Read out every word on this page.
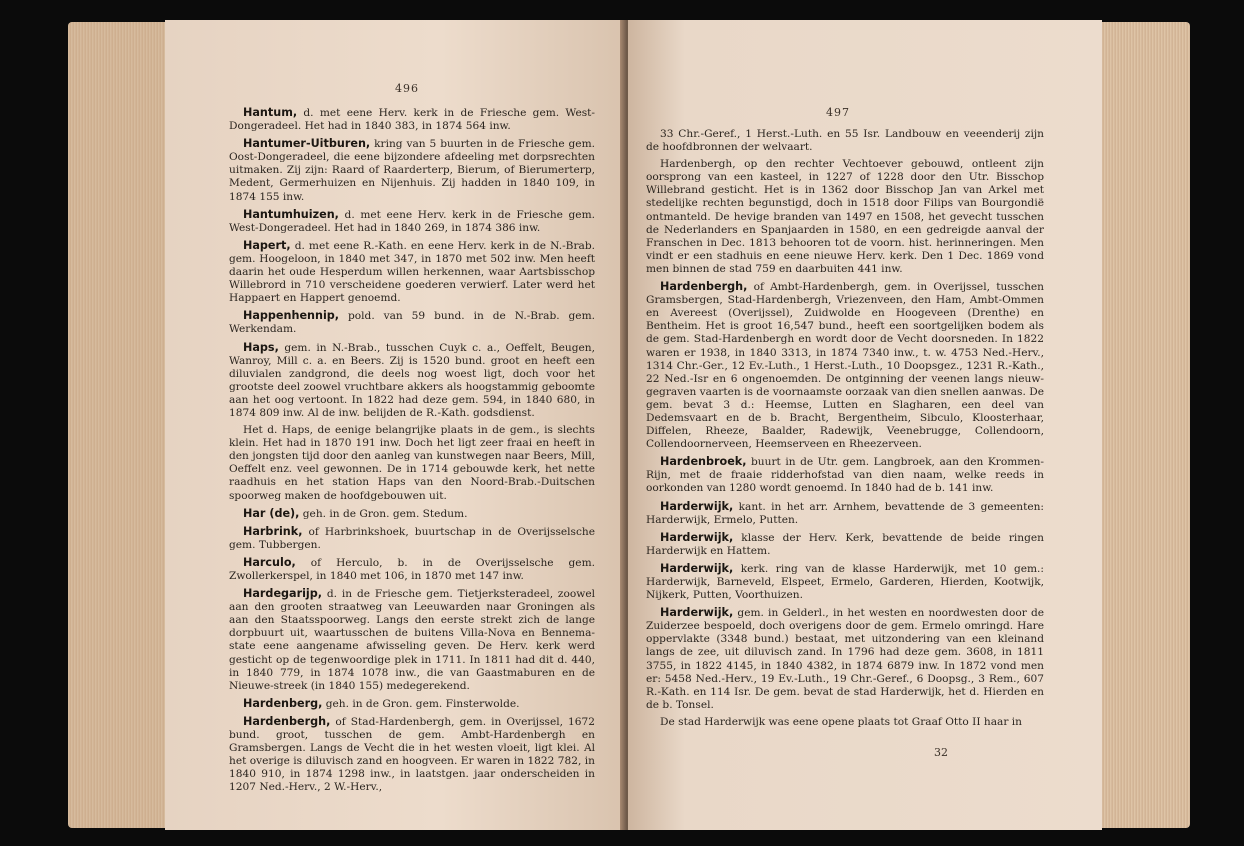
496

Hantum, d. met eene Herv. kerk in de Friesche gem. West-Dongeradeel. Het had in 1840 383, in 1874 564 inw.

Hantumer-Uitburen, kring van 5 buurten in de Friesche gem. Oost-Dongeradeel, die eene bijzondere afdeeling met dorpsrechten uitmaken. Zij zijn: Raard of Raarderterp, Bierum, of Bierumerterp, Medent, Germerhuizen en Nijenhuis. Zij hadden in 1840 109, in 1874 155 inw.

Hantumhuizen, d. met eene Herv. kerk in de Friesche gem. West-Dongeradeel. Het had in 1840 269, in 1874 386 inw.

Hapert, d. met eene R.-Kath. en eene Herv. kerk in de N.-Brab. gem. Hoogeloon, in 1840 met 347, in 1870 met 502 inw. Men heeft daarin het oude Hesperdum willen herkennen, waar Aartsbisschop Willebrord in 710 verscheidene goederen verwierf. Later werd het Happaert en Happert genoemd.

Happenhennip, pold. van 59 bund. in de N.-Brab. gem. Werkendam.

Haps, gem. in N.-Brab., tusschen Cuyk c. a., Oeffelt, Beugen, Wanroy, Mill c. a. en Beers. Zij is 1520 bund. groot en heeft een diluvialen zandgrond, die deels nog woest ligt, doch voor het grootste deel zoowel vruchtbare akkers als hoogstammig geboomte aan het oog vertoont. In 1822 had deze gem. 594, in 1840 680, in 1874 809 inw. Al de inw. belijden de R.-Kath. godsdienst.

Het d. Haps, de eenige belangrijke plaats in de gem., is slechts klein. Het had in 1870 191 inw. Doch het ligt zeer fraai en heeft in den jongsten tijd door den aanleg van kunstwegen naar Beers, Mill, Oeffelt enz. veel gewonnen. De in 1714 gebouwde kerk, het nette raadhuis en het station Haps van den Noord-Brab.-Duitschen spoorweg maken de hoofdgebouwen uit.

Har (de), geh. in de Gron. gem. Stedum.

Harbrink, of Harbrinkshoek, buurtschap in de Overijsselsche gem. Tubbergen.

Harculo, of Herculo, b. in de Overijsselsche gem. Zwollerkerspel, in 1840 met 106, in 1870 met 147 inw.

Hardegarijp, d. in de Friesche gem. Tietjerksteradeel, zoowel aan den grooten straatweg van Leeuwarden naar Groningen als aan den Staatsspoorweg. Langs den eerste strekt zich de lange dorpbuurt uit, waartusschen de buitens Villa-Nova en Bennema-state eene aangename afwisseling geven. De Herv. kerk werd gesticht op de tegenwoordige plek in 1711. In 1811 had dit d. 440, in 1840 779, in 1874 1078 inw., die van Gaastmaburen en de Nieuwe-streek (in 1840 155) medegerekend.

Hardenberg, geh. in de Gron. gem. Finsterwolde.

Hardenbergh, of Stad-Hardenbergh, gem. in Overijssel, 1672 bund. groot, tusschen de gem. Ambt-Hardenbergh en Gramsbergen. Langs de Vecht die in het westen vloeit, ligt klei. Al het overige is diluvisch zand en hoogveen. Er waren in 1822 782, in 1840 910, in 1874 1298 inw., in laatstgen. jaar onderscheiden in 1207 Ned.-Herv., 2 W.-Herv.,

497

33 Chr.-Geref., 1 Herst.-Luth. en 55 Isr. Landbouw en veeenderij zijn de hoofdbronnen der welvaart.

Hardenbergh, op den rechter Vechtoever gebouwd, ontleent zijn oorsprong van een kasteel, in 1227 of 1228 door den Utr. Bisschop Willebrand gesticht. Het is in 1362 door Bisschop Jan van Arkel met stedelijke rechten begunstigd, doch in 1518 door Filips van Bourgondië ontmanteld. De hevige branden van 1497 en 1508, het gevecht tusschen de Nederlanders en Spanjaarden in 1580, en een gedreigde aanval der Franschen in Dec. 1813 behooren tot de voorn. hist. herinneringen. Men vindt er een stadhuis en eene nieuwe Herv. kerk. Den 1 Dec. 1869 vond men binnen de stad 759 en daarbuiten 441 inw.

Hardenbergh, of Ambt-Hardenbergh, gem. in Overijssel, tusschen Gramsbergen, Stad-Hardenbergh, Vriezenveen, den Ham, Ambt-Ommen en Avereest (Overijssel), Zuidwolde en Hoogeveen (Drenthe) en Bentheim. Het is groot 16,547 bund., heeft een soortgelijken bodem als de gem. Stad-Hardenbergh en wordt door de Vecht doorsneden. In 1822 waren er 1938, in 1840 3313, in 1874 7340 inw., t. w. 4753 Ned.-Herv., 1314 Chr.-Ger., 12 Ev.-Luth., 1 Herst.-Luth., 10 Doopsgez., 1231 R.-Kath., 22 Ned.-Isr en 6 ongenoemden. De ontginning der veenen langs nieuw-gegraven vaarten is de voornaamste oorzaak van dien snellen aanwas. De gem. bevat 3 d.: Heemse, Lutten en Slagharen, een deel van Dedemsvaart en de b. Bracht, Bergentheim, Sibculo, Kloosterhaar, Diffelen, Rheeze, Baalder, Radewijk, Veenebrugge, Collendoorn, Collendoornerveen, Heemserveen en Rheezerveen.

Hardenbroek, buurt in de Utr. gem. Langbroek, aan den Krommen-Rijn, met de fraaie ridderhofstad van dien naam, welke reeds in oorkonden van 1280 wordt genoemd. In 1840 had de b. 141 inw.

Harderwijk, kant. in het arr. Arnhem, bevattende de 3 gemeenten: Harderwijk, Ermelo, Putten.

Harderwijk, klasse der Herv. Kerk, bevattende de beide ringen Harderwijk en Hattem.

Harderwijk, kerk. ring van de klasse Harderwijk, met 10 gem.: Harderwijk, Barneveld, Elspeet, Ermelo, Garderen, Hierden, Kootwijk, Nijkerk, Putten, Voorthuizen.

Harderwijk, gem. in Gelderl., in het westen en noordwesten door de Zuiderzee bespoeld, doch overigens door de gem. Ermelo omringd. Hare oppervlakte (3348 bund.) bestaat, met uitzondering van een kleinand langs de zee, uit diluvisch zand. In 1796 had deze gem. 3608, in 1811 3755, in 1822 4145, in 1840 4382, in 1874 6879 inw. In 1872 vond men er: 5458 Ned.-Herv., 19 Ev.-Luth., 19 Chr.-Geref., 6 Doopsg., 3 Rem., 607 R.-Kath. en 114 Isr. De gem. bevat de stad Harderwijk, het d. Hierden en de b. Tonsel.

De stad Harderwijk was eene opene plaats tot Graaf Otto II haar in

32
